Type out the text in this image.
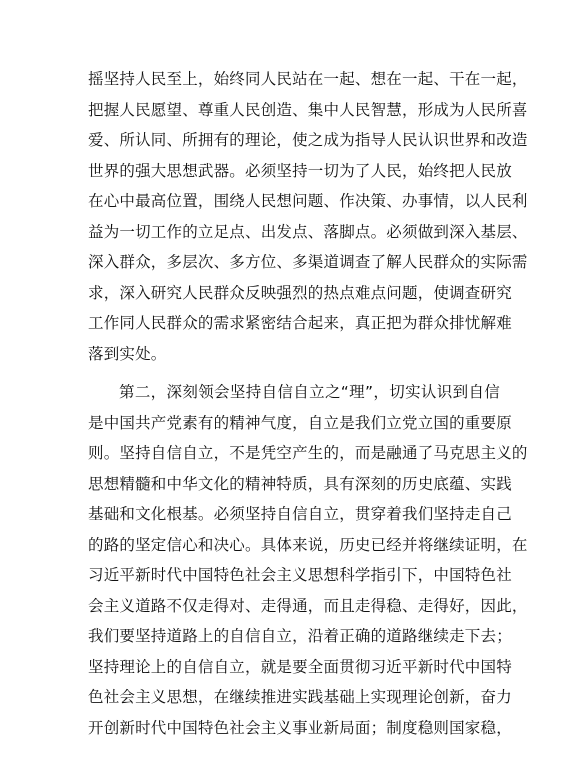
摇坚持人民至上，始终同人民站在一起、想在一起、干在一起，
把握人民愿望、尊重人民创造、集中人民智慧，形成为人民所喜
爱、所认同、所拥有的理论，使之成为指导人民认识世界和改造
世界的强大思想武器。必须坚持一切为了人民，始终把人民放
在心中最高位置，围绕人民想问题、作决策、办事情，以人民利
益为一切工作的立足点、出发点、落脚点。必须做到深入基层、
深入群众，多层次、多方位、多渠道调查了解人民群众的实际需
求，深入研究人民群众反映强烈的热点难点问题，使调查研究
工作同人民群众的需求紧密结合起来，真正把为群众排忧解难
落到实处。
第二，深刻领会坚持自信自立之“理”，切实认识到自信
是中国共产党素有的精神气度，自立是我们立党立国的重要原
则。坚持自信自立，不是凭空产生的，而是融通了马克思主义的
思想精髓和中华文化的精神特质，具有深刻的历史底蕴、实践
基础和文化根基。必须坚持自信自立，贯穿着我们坚持走自己
的路的坚定信心和决心。具体来说，历史已经并将继续证明，在
习近平新时代中国特色社会主义思想科学指引下，中国特色社
会主义道路不仅走得对、走得通，而且走得稳、走得好，因此，
我们要坚持道路上的自信自立，沿着正确的道路继续走下去；
坚持理论上的自信自立，就是要全面贯彻习近平新时代中国特
色社会主义思想，在继续推进实践基础上实现理论创新，奋力
开创新时代中国特色社会主义事业新局面；制度稳则国家稳，
